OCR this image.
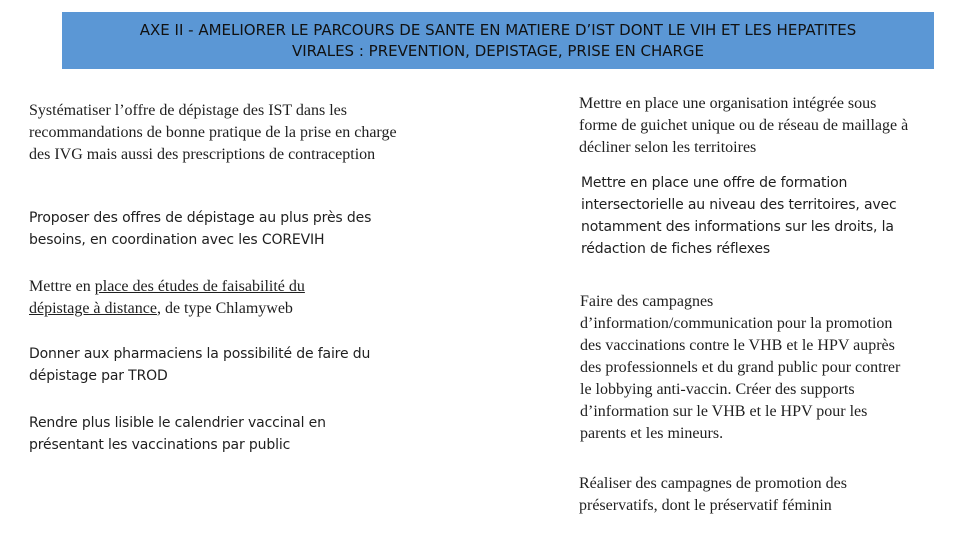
AXE II - AMELIORER LE PARCOURS DE SANTE EN MATIERE D’IST DONT LE VIH ET LES HEPATITES
VIRALES : PREVENTION, DEPISTAGE, PRISE EN CHARGE

Systématiser l’offre de dépistage des IST dans les recommandations de bonne pratique de la prise en charge des IVG mais aussi des prescriptions de contraception

Proposer des offres de dépistage au plus près des besoins, en coordination avec les COREVIH

Mettre en place des études de faisabilité du dépistage à distance, de type Chlamyweb

Donner aux pharmaciens la possibilité de faire du dépistage par TROD

Rendre plus lisible le calendrier vaccinal en présentant les vaccinations par public

Mettre en place une organisation intégrée sous forme de guichet unique ou de réseau de maillage à décliner selon les territoires

Mettre en place une offre de formation intersectorielle au niveau des territoires, avec notamment des informations sur les droits, la rédaction de fiches réflexes

Faire des campagnes d’information/communication pour la promotion des vaccinations contre le VHB et le HPV auprès des professionnels et du grand public pour contrer le lobbying anti-vaccin. Créer des supports d’information sur le VHB et le HPV pour les parents et les mineurs.

Réaliser des campagnes de promotion des préservatifs, dont le préservatif féminin
